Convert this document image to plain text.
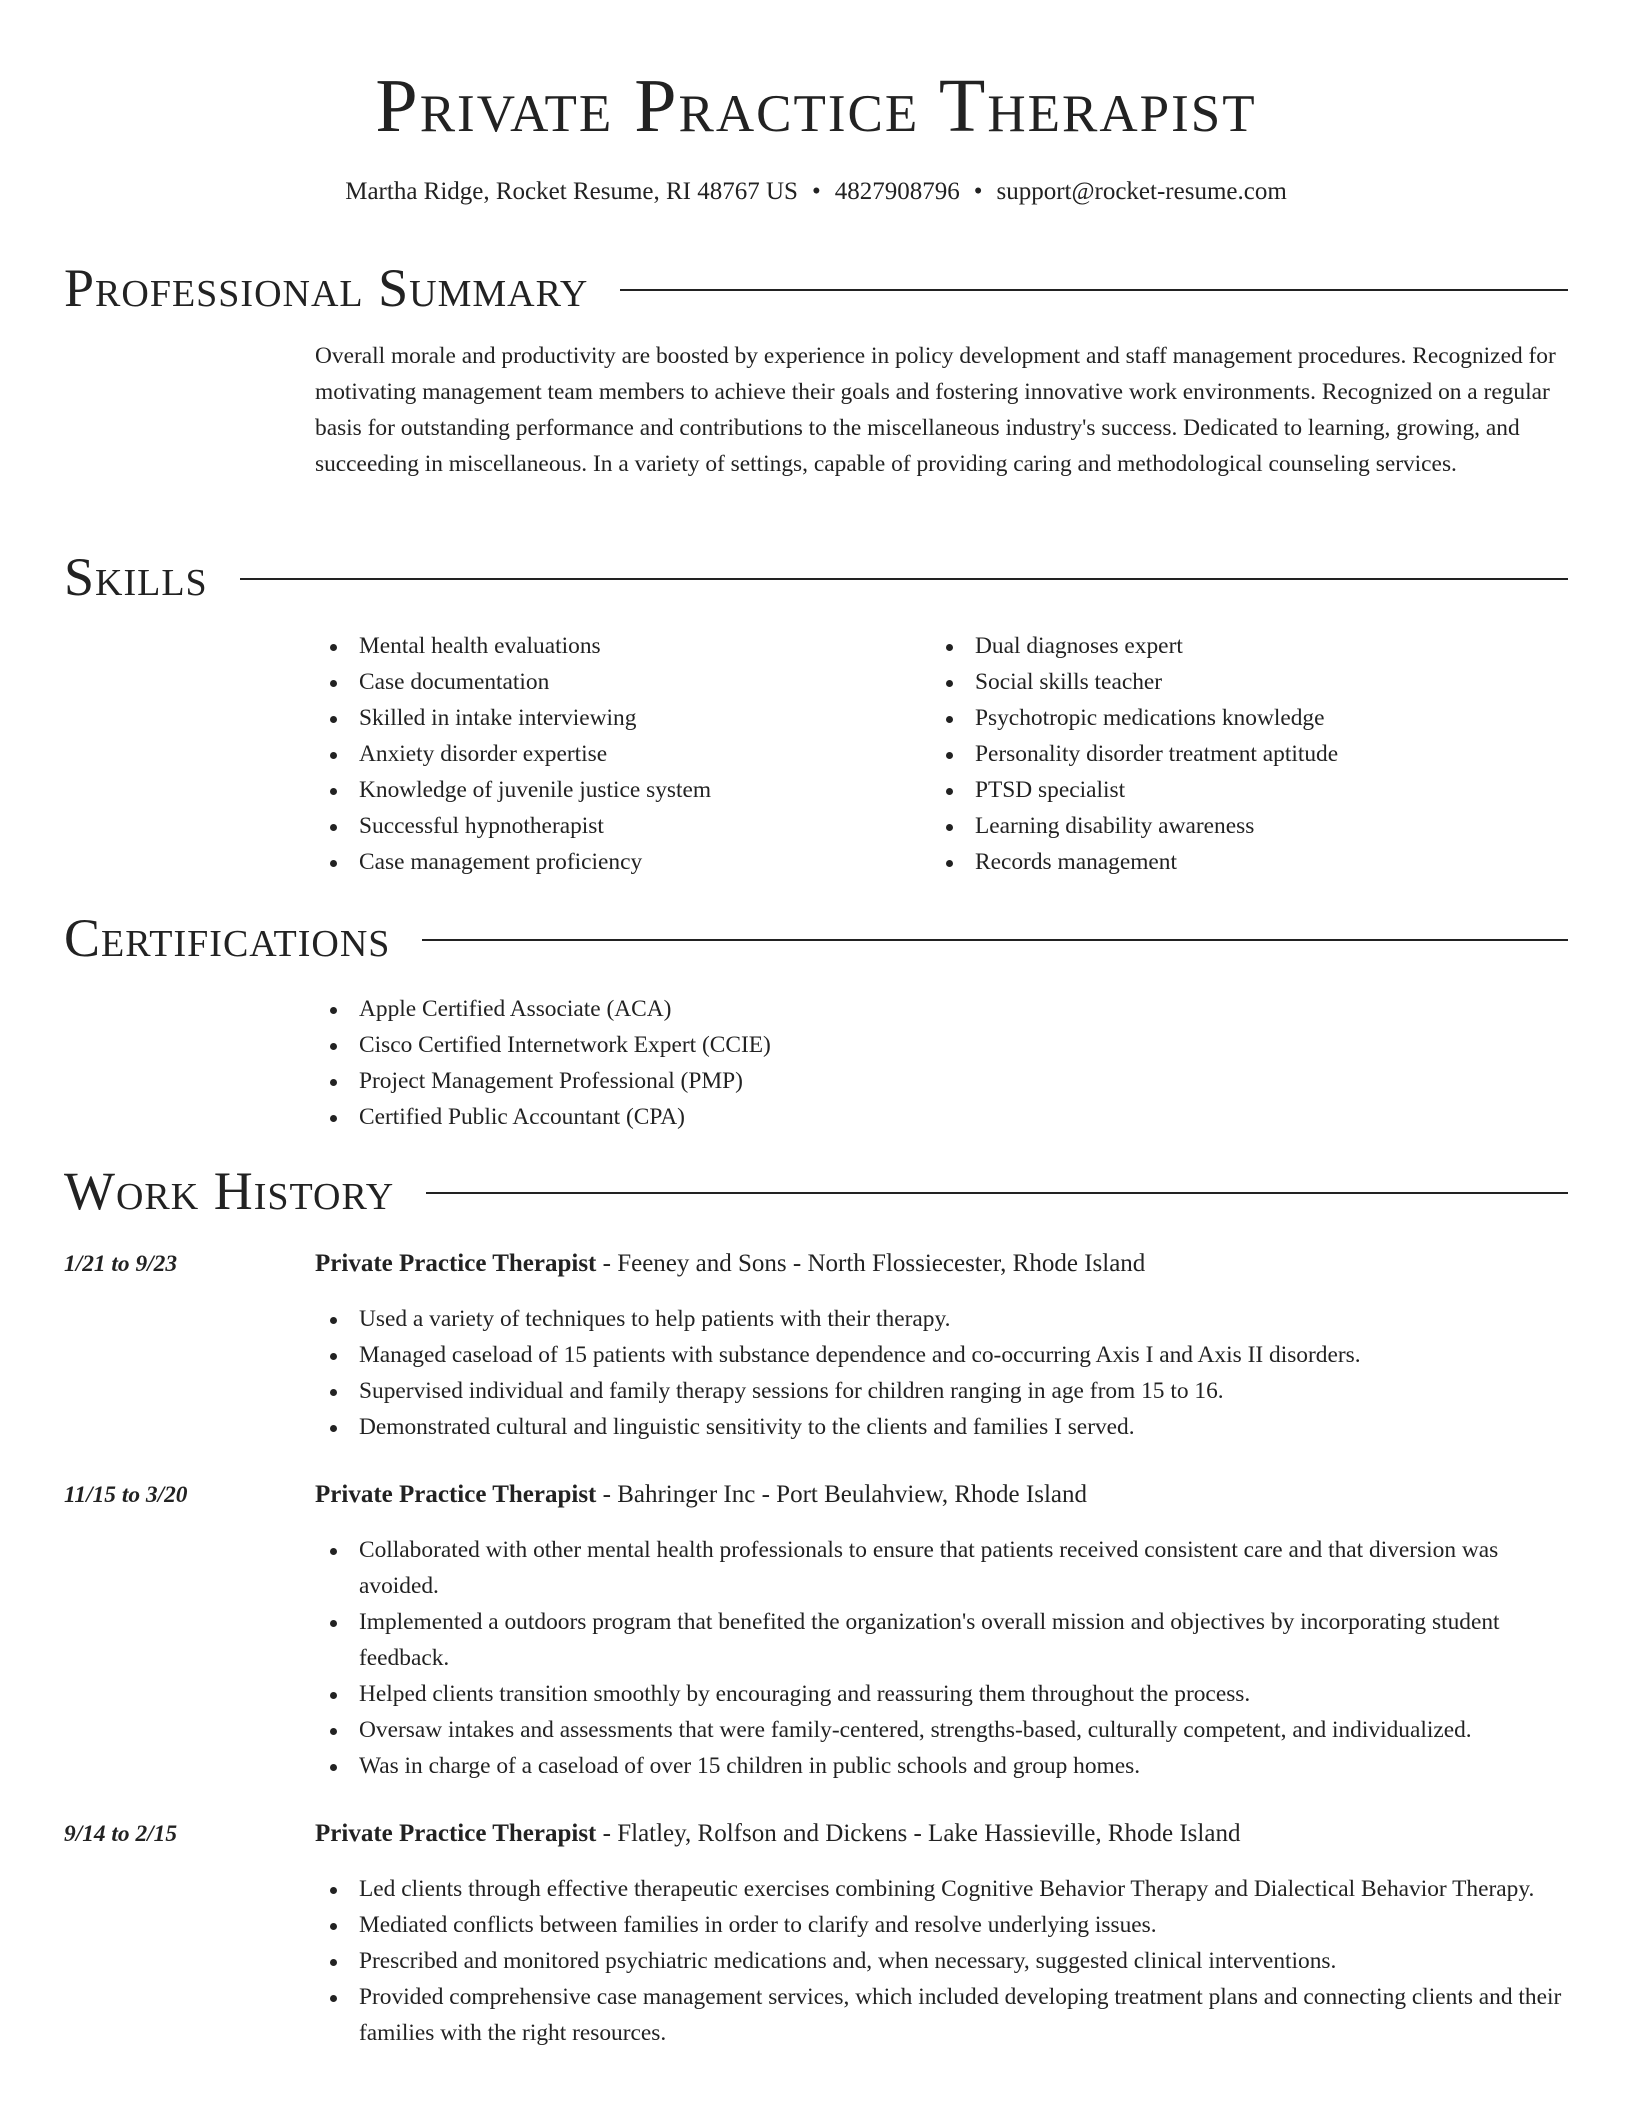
Private Practice Therapist
Martha Ridge, Rocket Resume, RI 48767 US • 4827908796 • support@rocket-resume.com
Professional Summary

Overall morale and productivity are boosted by experience in policy development and staff management procedures. Recognized for motivating management team members to achieve their goals and fostering innovative work environments. Recognized on a regular basis for outstanding performance and contributions to the miscellaneous industry's success. Dedicated to learning, growing, and succeeding in miscellaneous. In a variety of settings, capable of providing caring and methodological counseling services.

Skills
Mental health evaluations
Case documentation
Skilled in intake interviewing
Anxiety disorder expertise
Knowledge of juvenile justice system
Successful hypnotherapist
Case management proficiency
Dual diagnoses expert
Social skills teacher
Psychotropic medications knowledge
Personality disorder treatment aptitude
PTSD specialist
Learning disability awareness
Records management
Certifications
Apple Certified Associate (ACA)
Cisco Certified Internetwork Expert (CCIE)
Project Management Professional (PMP)
Certified Public Accountant (CPA)
Work History
1/21 to 9/23	Private Practice Therapist - Feeney and Sons - North Flossiecester, Rhode Island
Used a variety of techniques to help patients with their therapy.
Managed caseload of 15 patients with substance dependence and co-occurring Axis I and Axis II disorders.
Supervised individual and family therapy sessions for children ranging in age from 15 to 16.
Demonstrated cultural and linguistic sensitivity to the clients and families I served.
11/15 to 3/20	Private Practice Therapist - Bahringer Inc - Port Beulahview, Rhode Island
Collaborated with other mental health professionals to ensure that patients received consistent care and that diversion was avoided.
Implemented a outdoors program that benefited the organization's overall mission and objectives by incorporating student feedback.
Helped clients transition smoothly by encouraging and reassuring them throughout the process.
Oversaw intakes and assessments that were family-centered, strengths-based, culturally competent, and individualized.
Was in charge of a caseload of over 15 children in public schools and group homes.
9/14 to 2/15	Private Practice Therapist - Flatley, Rolfson and Dickens - Lake Hassieville, Rhode Island
Led clients through effective therapeutic exercises combining Cognitive Behavior Therapy and Dialectical Behavior Therapy.
Mediated conflicts between families in order to clarify and resolve underlying issues.
Prescribed and monitored psychiatric medications and, when necessary, suggested clinical interventions.
Provided comprehensive case management services, which included developing treatment plans and connecting clients and their families with the right resources.
